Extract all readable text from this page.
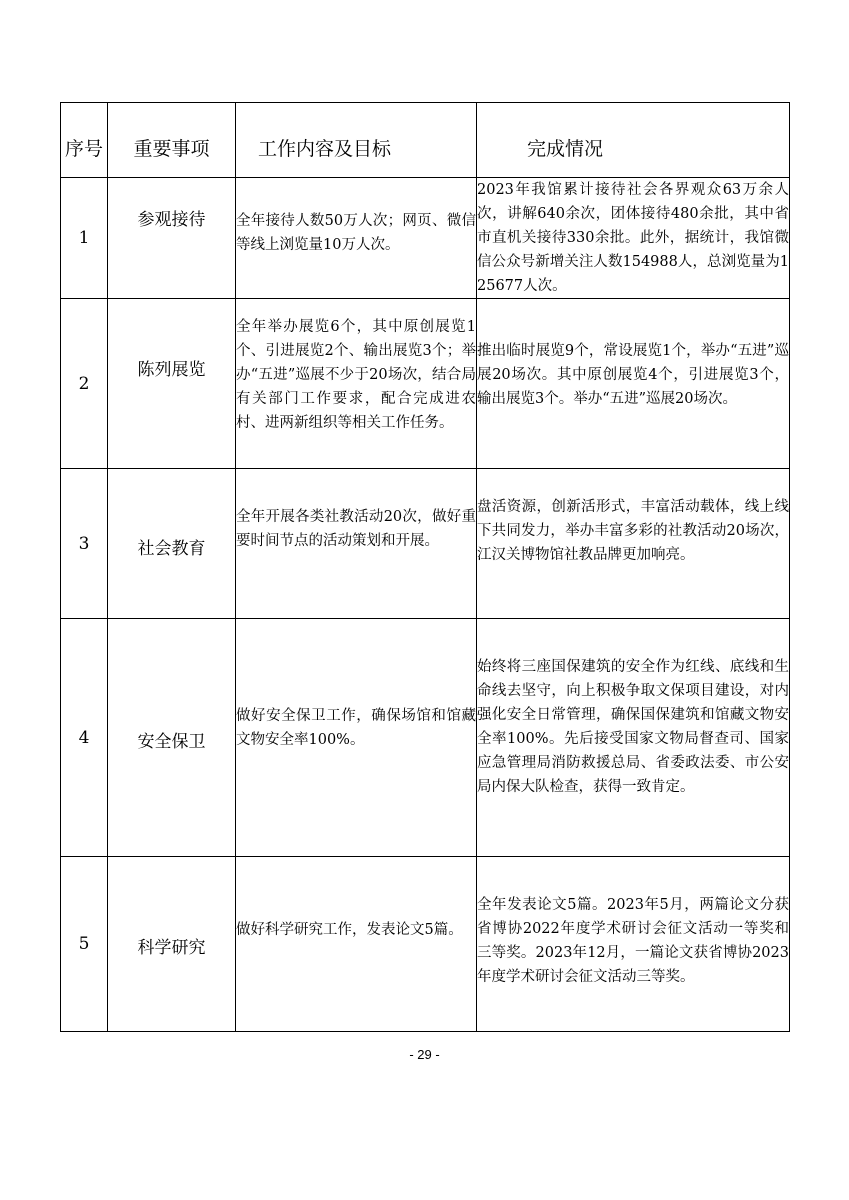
序号	重要事项	工作内容及目标	完成情况
1	参观接待	全年接待人数50万人次；网页、微信等线上浏览量10万人次。	2023年我馆累计接待社会各界观众63万余人次，讲解640余次，团体接待480余批，其中省市直机关接待330余批。此外，据统计，我馆微信公众号新增关注人数154988人，总浏览量为125677人次。

2	陈列展览	全年举办展览6个，其中原创展览1个、引进展览2个、输出展览3个；举办“五进”巡展不少于20场次，结合局有关部门工作要求，配合完成进农村、进两新组织等相关工作任务。	推出临时展览9个，常设展览1个，举办“五进”巡展20场次。其中原创展览4个，引进展览3个，输出展览3个。举办“五进”巡展20场次。

3	社会教育	全年开展各类社教活动20次，做好重要时间节点的活动策划和开展。	盘活资源，创新活形式，丰富活动载体，线上线下共同发力，举办丰富多彩的社教活动20场次，江汉关博物馆社教品牌更加响亮。

4	安全保卫	做好安全保卫工作，确保场馆和馆藏文物安全率100%。	始终将三座国保建筑的安全作为红线、底线和生命线去坚守，向上积极争取文保项目建设，对内强化安全日常管理，确保国保建筑和馆藏文物安全率100%。先后接受国家文物局督查司、国家应急管理局消防救援总局、省委政法委、市公安局内保大队检查，获得一致肯定。

5	科学研究	做好科学研究工作，发表论文5篇。	全年发表论文5篇。2023年5月，两篇论文分获省博协2022年度学术研讨会征文活动一等奖和三等奖。2023年12月，一篇论文获省博协2023年度学术研讨会征文活动三等奖。
- 29 -
